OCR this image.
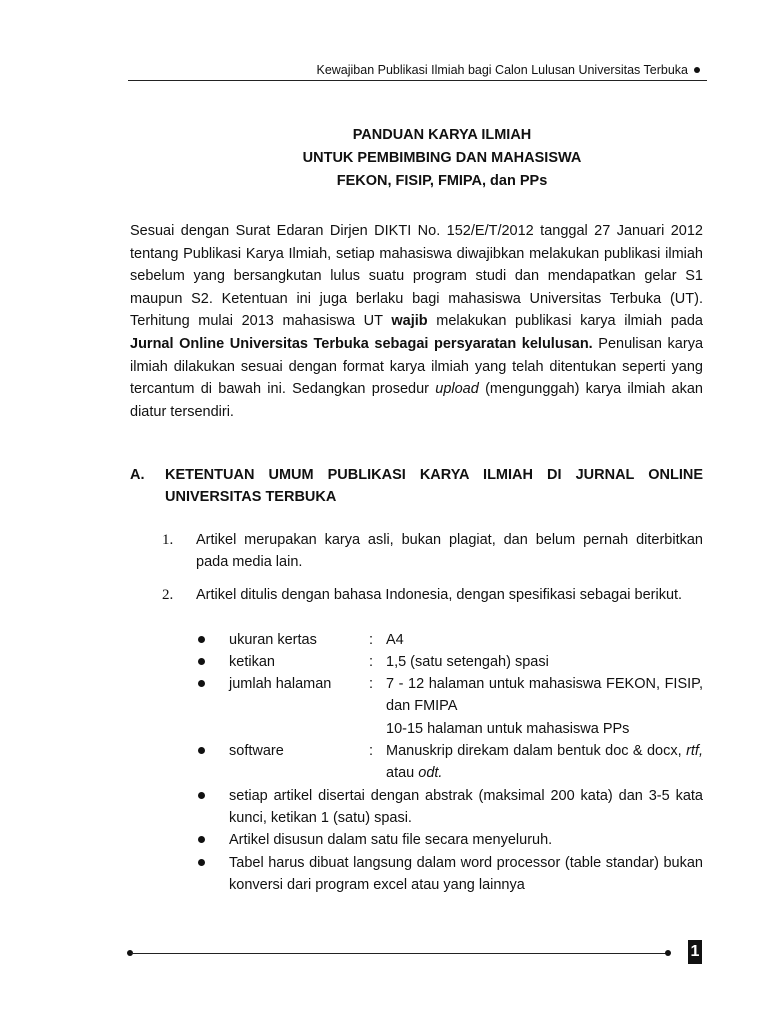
Kewajiban Publikasi Ilmiah bagi Calon Lulusan Universitas Terbuka
PANDUAN KARYA ILMIAH
UNTUK PEMBIMBING DAN MAHASISWA
FEKON, FISIP, FMIPA, dan PPs

Sesuai dengan Surat Edaran Dirjen DIKTI No. 152/E/T/2012 tanggal 27 Januari 2012 tentang Publikasi Karya Ilmiah, setiap mahasiswa diwajibkan melakukan publikasi ilmiah sebelum yang bersangkutan lulus suatu program studi dan mendapatkan gelar S1 maupun S2. Ketentuan ini juga berlaku bagi mahasiswa Universitas Terbuka (UT). Terhitung mulai 2013 mahasiswa UT wajib melakukan publikasi karya ilmiah pada Jurnal Online Universitas Terbuka sebagai persyaratan kelulusan. Penulisan karya ilmiah dilakukan sesuai dengan format karya ilmiah yang telah ditentukan seperti yang tercantum di bawah ini. Sedangkan prosedur upload (mengunggah) karya ilmiah akan diatur tersendiri.

A. KETENTUAN UMUM PUBLIKASI KARYA ILMIAH DI JURNAL ONLINE UNIVERSITAS TERBUKA
1. Artikel merupakan karya asli, bukan plagiat, dan belum pernah diterbitkan pada media lain.

2. Artikel ditulis dengan bahasa Indonesia, dengan spesifikasi sebagai berikut.

ukuran kertas	: A4
ketikan	: 1,5 (satu setengah) spasi
jumlah halaman	: 7 - 12 halaman untuk mahasiswa FEKON, FISIP, dan FMIPA
10-15 halaman untuk mahasiswa PPs
software	: Manuskrip direkam dalam bentuk doc & docx, rtf, atau odt.

setiap artikel disertai dengan abstrak (maksimal 200 kata) dan 3-5 kata kunci, ketikan 1 (satu) spasi.

Artikel disusun dalam satu file secara menyeluruh.

Tabel harus dibuat langsung dalam word processor (table standar) bukan konversi dari program excel atau yang lainnya

1
